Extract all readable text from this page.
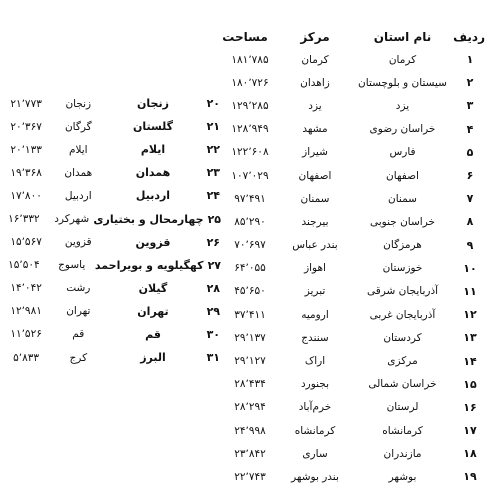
ردیف
نام استان
مرکز
مساحت
۱
کرمان
کرمان
۱۸۱٬۷۸۵
۲
سیستان و بلوچستان
زاهدان
۱۸۰٬۷۲۶
۳
یزد
یزد
۱۲۹٬۲۸۵
۴
خراسان رضوی
مشهد
۱۲۸٬۹۴۹
۵
فارس
شیراز
۱۲۲٬۶۰۸
۶
اصفهان
اصفهان
۱۰۷٬۰۲۹
۷
سمنان
سمنان
۹۷٬۴۹۱
۸
خراسان جنوبی
بیرجند
۸۵٬۲۹۰
۹
هرمزگان
بندر عباس
۷۰٬۶۹۷
۱۰
خوزستان
اهواز
۶۴٬۰۵۵
۱۱
آذربایجان شرقی
تبریز
۴۵٬۶۵۰
۱۲
آذربایجان غربی
ارومیه
۳۷٬۴۱۱
۱۳
کردستان
سنندج
۲۹٬۱۳۷
۱۴
مرکزی
اراک
۲۹٬۱۲۷
۱۵
خراسان شمالی
بجنورد
۲۸٬۴۳۴
۱۶
لرستان
خرم‌آباد
۲۸٬۲۹۴
۱۷
کرمانشاه
کرمانشاه
۲۴٬۹۹۸
۱۸
مازندران
ساری
۲۳٬۸۴۲
۱۹
بوشهر
بندر بوشهر
۲۲٬۷۴۳
۲۰
زنجان
زنجان
۲۱٬۷۷۳
۲۱
گلستان
گرگان
۲۰٬۳۶۷
۲۲
ایلام
ایلام
۲۰٬۱۳۳
۲۳
همدان
همدان
۱۹٬۳۶۸
۲۴
اردبیل
اردبیل
۱۷٬۸۰۰
۲۵
چهارمحال و بختیاری
شهرکرد
۱۶٬۳۳۲
۲۶
قزوین
قزوین
۱۵٬۵۶۷
۲۷
کهگیلویه و بویراحمد
یاسوج
۱۵٬۵۰۴
۲۸
گیلان
رشت
۱۴٬۰۴۲
۲۹
تهران
تهران
۱۲٬۹۸۱
۳۰
قم
قم
۱۱٬۵۲۶
۳۱
البرز
کرج
۵٬۸۳۳
